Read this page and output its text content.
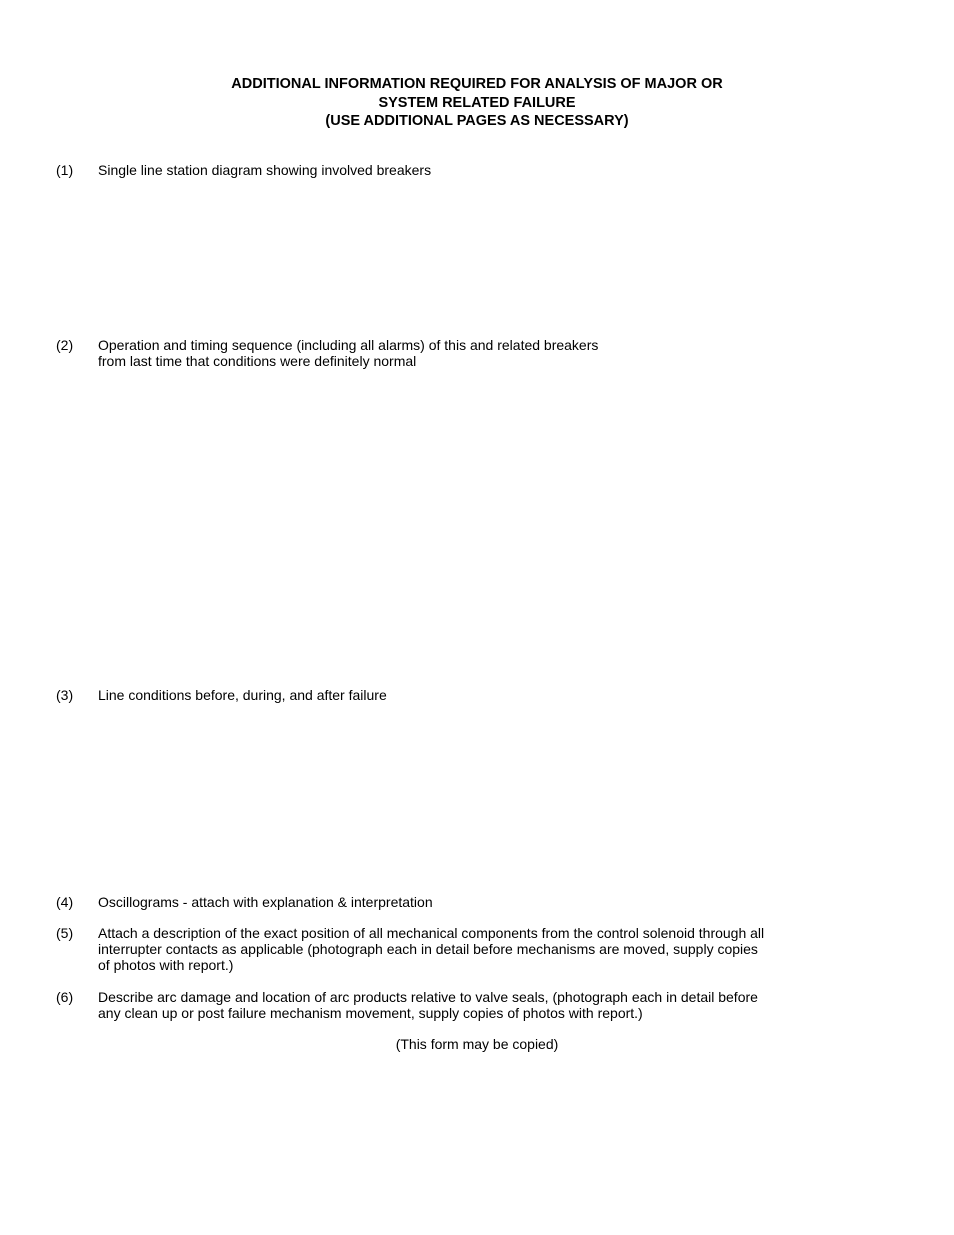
ADDITIONAL INFORMATION REQUIRED FOR ANALYSIS OF MAJOR OR
SYSTEM RELATED FAILURE
(USE ADDITIONAL PAGES AS NECESSARY)
(1)	Single line station diagram showing involved breakers
(2)	Operation and timing sequence (including all alarms) of this and related breakers
from last time that conditions were definitely normal
(3)	Line conditions before, during, and after failure
(4)	Oscillograms - attach with explanation & interpretation
(5)	Attach a description of the exact position of all mechanical components from the control solenoid through all
interrupter contacts as applicable (photograph each in detail before mechanisms are moved, supply copies
of photos with report.)
(6)	Describe arc damage and location of arc products relative to valve seals, (photograph each in detail before
any clean up or post failure mechanism movement, supply copies of photos with report.)
(This form may be copied)
